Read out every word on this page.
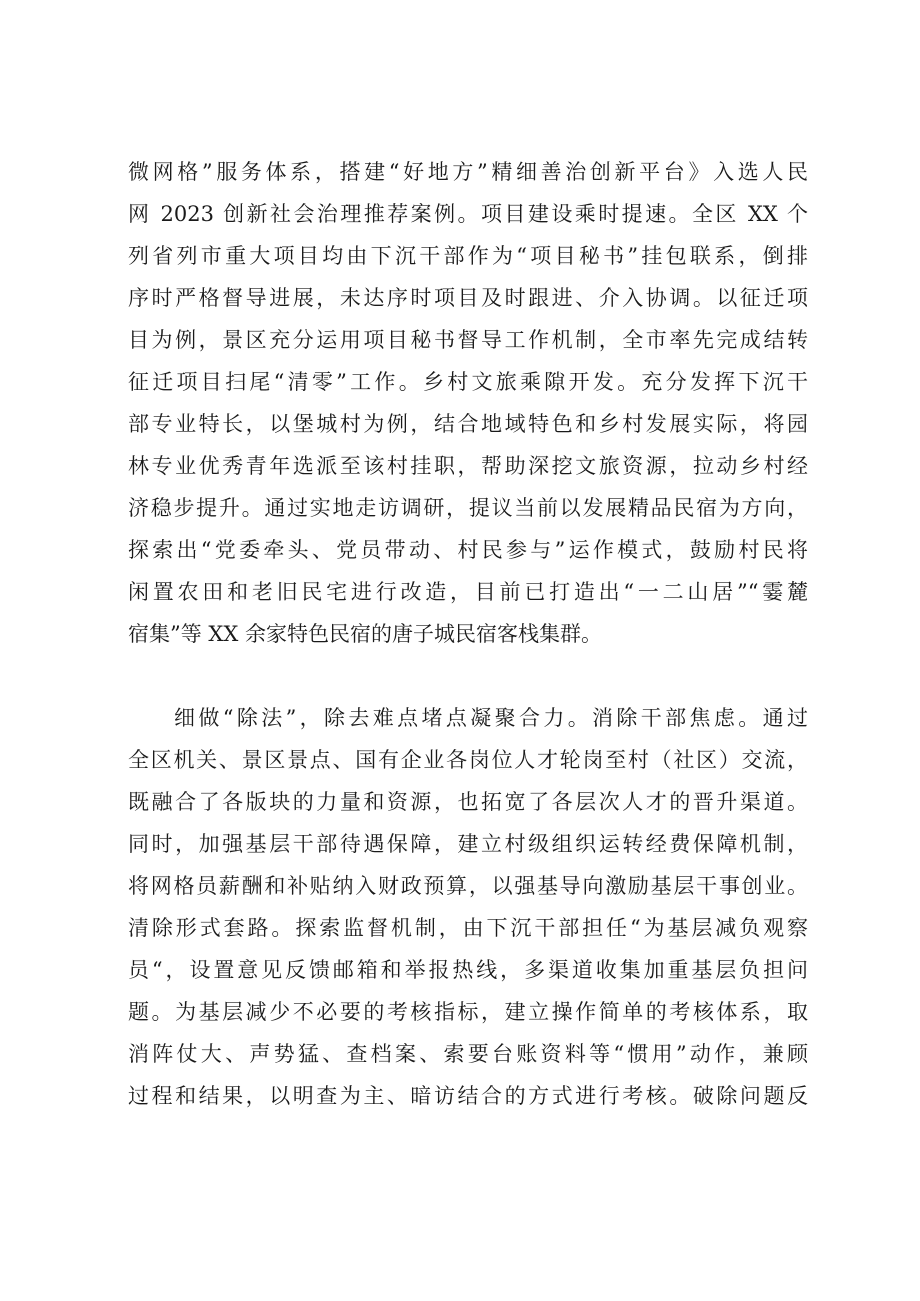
微网格”服务体系，搭建“好地方”精细善治创新平台》入选人民
网 2023 创新社会治理推荐案例。项目建设乘时提速。全区 XX 个
列省列市重大项目均由下沉干部作为“项目秘书”挂包联系，倒排
序时严格督导进展，未达序时项目及时跟进、介入协调。以征迁项
目为例，景区充分运用项目秘书督导工作机制，全市率先完成结转
征迁项目扫尾“清零”工作。乡村文旅乘隙开发。充分发挥下沉干
部专业特长，以堡城村为例，结合地域特色和乡村发展实际，将园
林专业优秀青年选派至该村挂职，帮助深挖文旅资源，拉动乡村经
济稳步提升。通过实地走访调研，提议当前以发展精品民宿为方向，
探索出“党委牵头、党员带动、村民参与”运作模式，鼓励村民将
闲置农田和老旧民宅进行改造，目前已打造出“一二山居”“霎麓
宿集”等 XX 余家特色民宿的唐子城民宿客栈集群。
细做“除法”，除去难点堵点凝聚合力。消除干部焦虑。通过
全区机关、景区景点、国有企业各岗位人才轮岗至村（社区）交流，
既融合了各版块的力量和资源，也拓宽了各层次人才的晋升渠道。
同时，加强基层干部待遇保障，建立村级组织运转经费保障机制，
将网格员薪酬和补贴纳入财政预算，以强基导向激励基层干事创业。
清除形式套路。探索监督机制，由下沉干部担任“为基层减负观察
员“，设置意见反馈邮箱和举报热线，多渠道收集加重基层负担问
题。为基层减少不必要的考核指标，建立操作简单的考核体系，取
消阵仗大、声势猛、查档案、索要台账资料等“惯用”动作，兼顾
过程和结果，以明查为主、暗访结合的方式进行考核。破除问题反
